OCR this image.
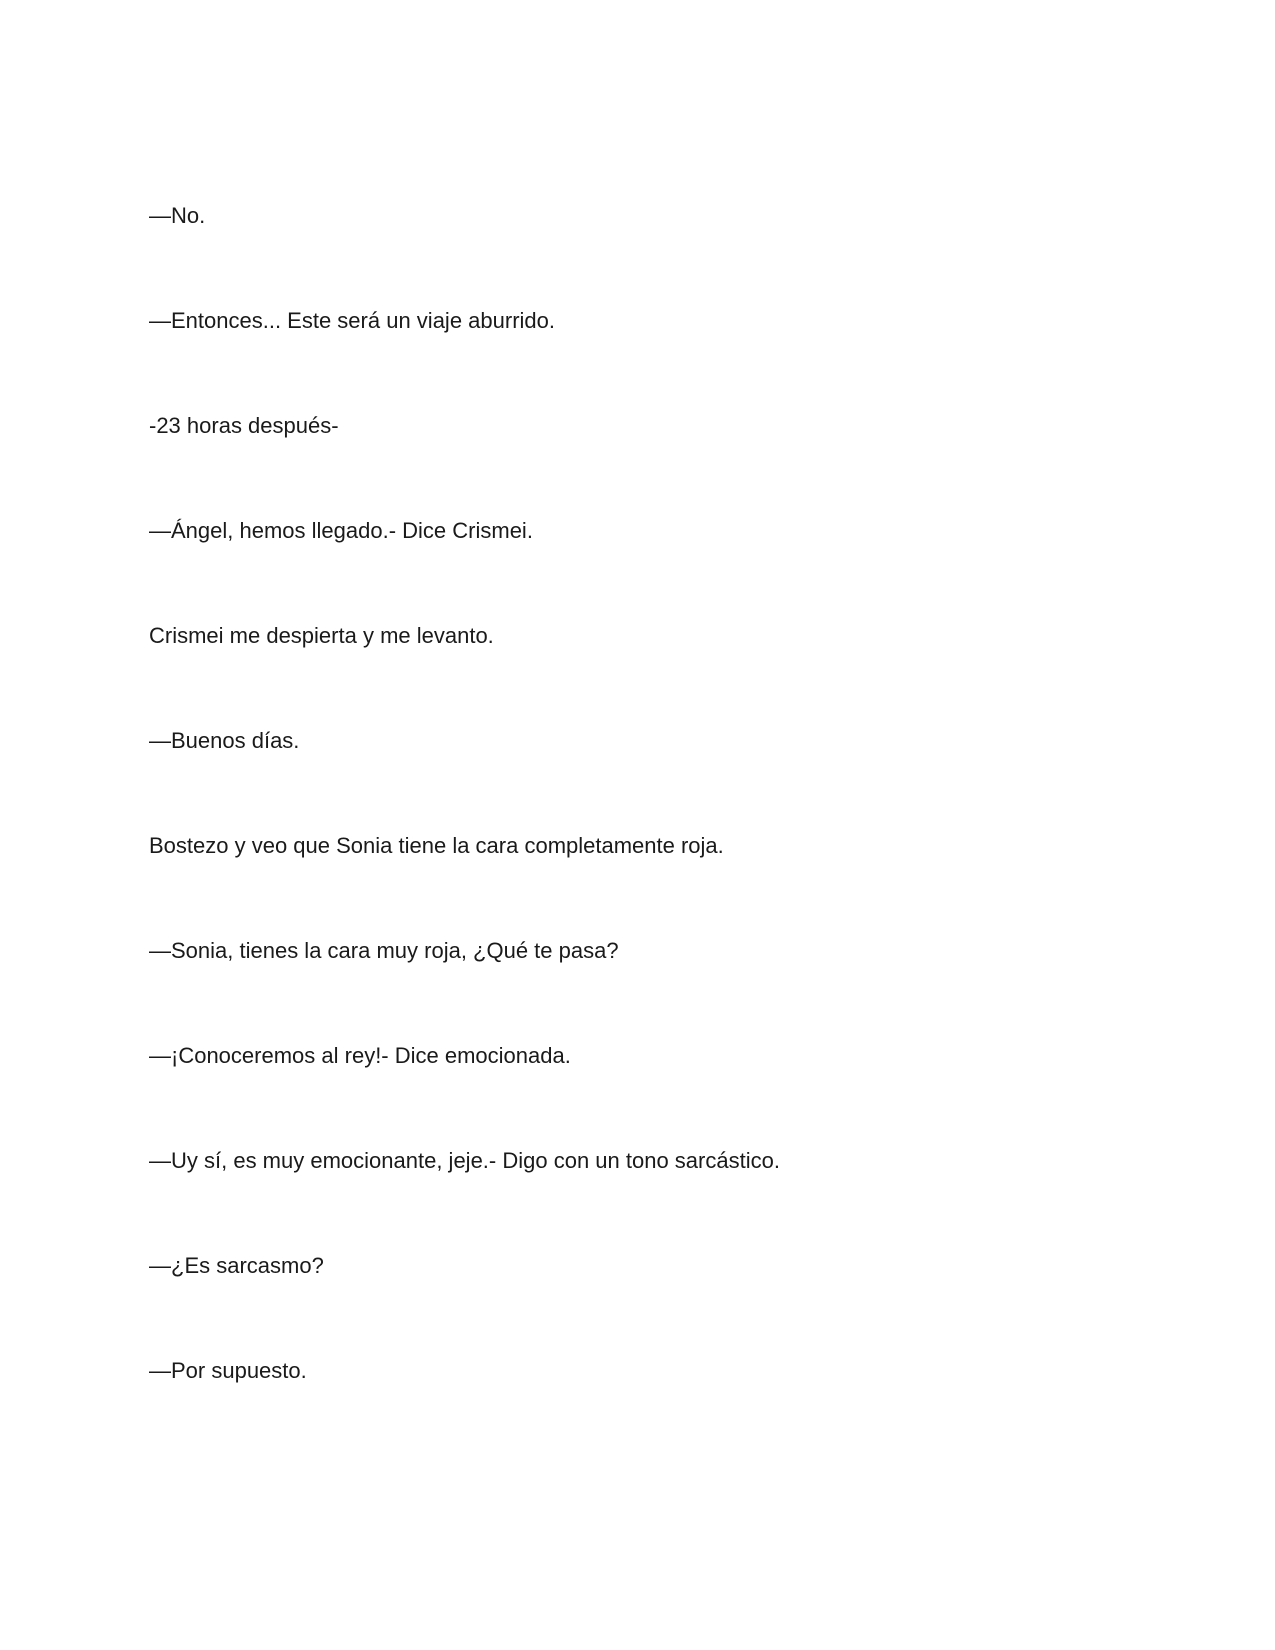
—No.

—Entonces... Este será un viaje aburrido.

-23 horas después-

—Ángel, hemos llegado.- Dice Crismei.

Crismei me despierta y me levanto.

—Buenos días.

Bostezo y veo que Sonia tiene la cara completamente roja.

—Sonia, tienes la cara muy roja, ¿Qué te pasa?

—¡Conoceremos al rey!- Dice emocionada.

—Uy sí, es muy emocionante, jeje.- Digo con un tono sarcástico.

—¿Es sarcasmo?

—Por supuesto.
